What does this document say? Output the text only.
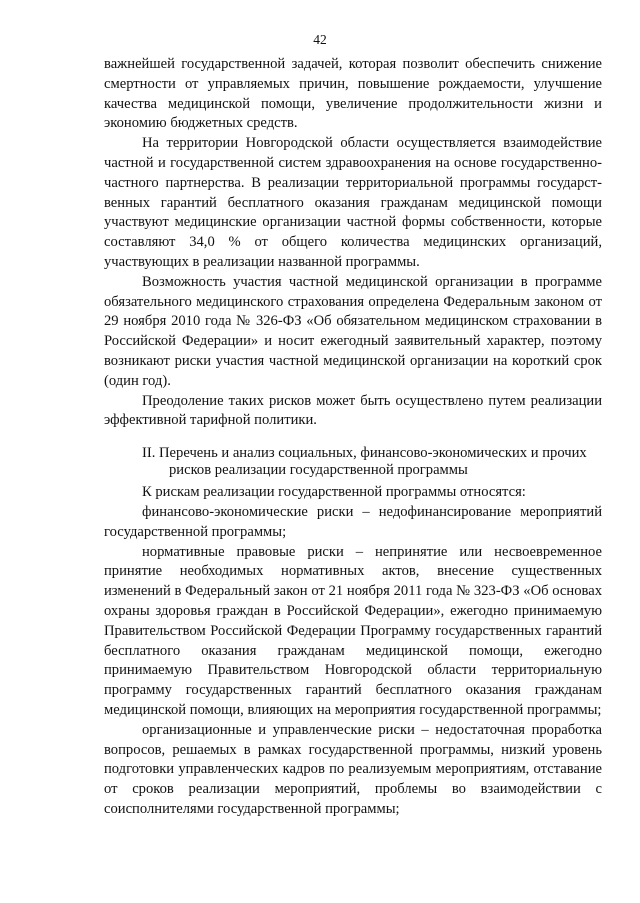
42

важнейшей государственной задачей, которая позволит обеспечить снижение смертности от управляемых причин, повышение рождаемости, улучшение качества медицинской помощи, увеличение продолжительности жизни и экономию бюджетных средств.

На территории Новгородской области осуществляется взаимодействие частной и государственной систем здравоохранения на основе государственно-частного партнерства. В реализации территориальной программы государст-венных гарантий бесплатного оказания гражданам медицинской помощи участвуют медицинские организации частной формы собственности, которые составляют 34,0 % от общего количества медицинских организаций, участвующих в реализации названной программы.

Возможность участия частной медицинской организации в программе обязательного медицинского страхования определена Федеральным законом от 29 ноября 2010 года № 326-ФЗ «Об обязательном медицинском страховании в Российской Федерации» и носит ежегодный заявительный характер, поэтому возникают риски участия частной медицинской организации на короткий срок (один год).

Преодоление таких рисков может быть осуществлено путем реализации эффективной тарифной политики.

II. Перечень и анализ социальных, финансово-экономических и прочих
рисков реализации государственной программы

К рискам реализации государственной программы относятся:

финансово-экономические риски – недофинансирование мероприятий государственной программы;

нормативные правовые риски – непринятие или несвоевременное принятие необходимых нормативных актов, внесение существенных изменений в Федеральный закон от 21 ноября 2011 года № 323-ФЗ «Об основах охраны здоровья граждан в Российской Федерации», ежегодно принимаемую Правительством Российской Федерации Программу государственных гарантий бесплатного оказания гражданам медицинской помощи, ежегодно принимаемую Правительством Новгородской области территориальную программу государственных гарантий бесплатного оказания гражданам медицинской помощи, влияющих на мероприятия государственной программы;

организационные и управленческие риски – недостаточная проработка вопросов, решаемых в рамках государственной программы, низкий уровень подготовки управленческих кадров по реализуемым мероприятиям, отставание от сроков реализации мероприятий, проблемы во взаимодействии с соисполнителями государственной программы;
